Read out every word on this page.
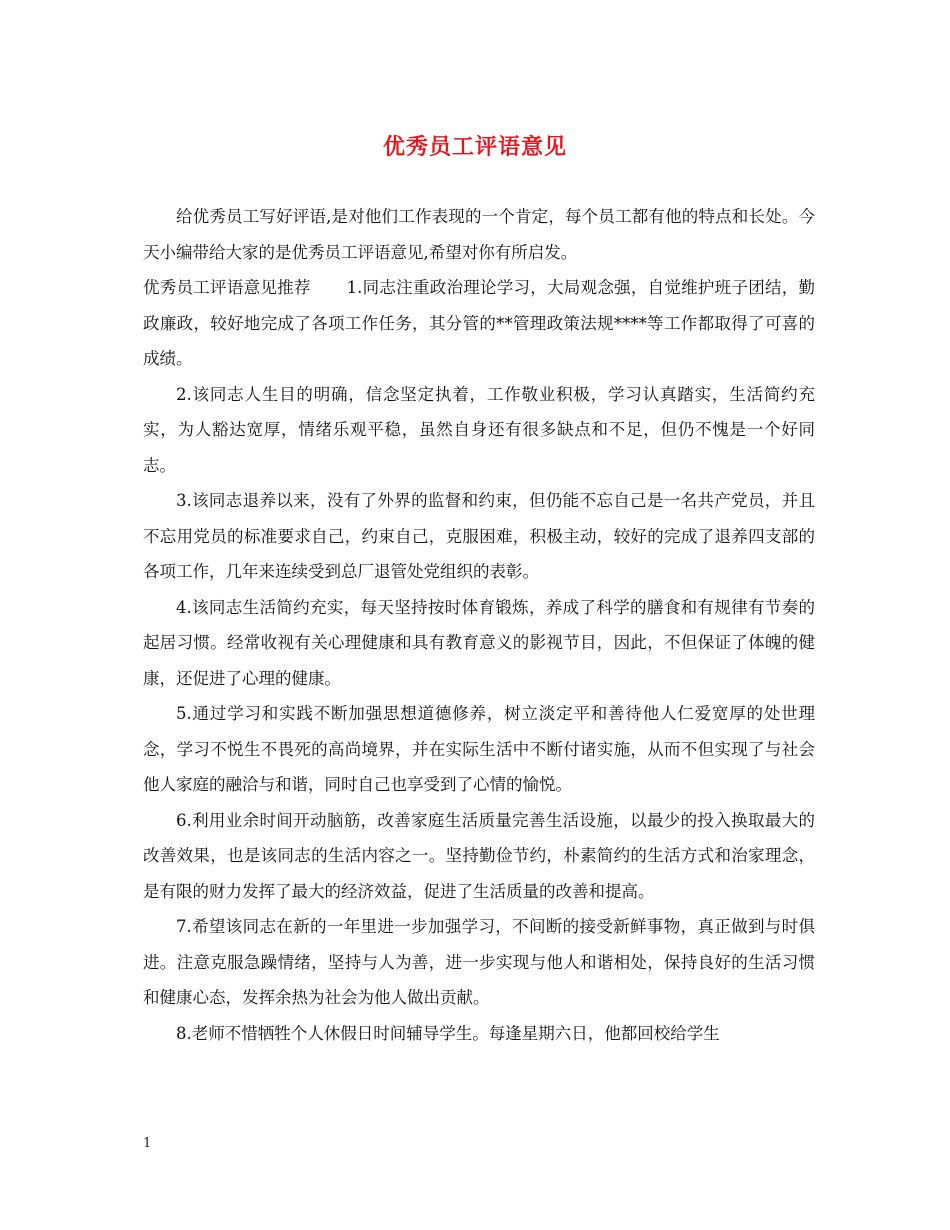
优秀员工评语意见

给优秀员工写好评语,是对他们工作表现的一个肯定，每个员工都有他的特点和长处。今天小编带给大家的是优秀员工评语意见,希望对你有所启发。

优秀员工评语意见推荐 1.同志注重政治理论学习，大局观念强，自觉维护班子团结，勤政廉政，较好地完成了各项工作任务，其分管的**管理政策法规****等工作都取得了可喜的成绩。

2.该同志人生目的明确，信念坚定执着，工作敬业积极，学习认真踏实，生活简约充实，为人豁达宽厚，情绪乐观平稳，虽然自身还有很多缺点和不足，但仍不愧是一个好同志。

3.该同志退养以来，没有了外界的监督和约束，但仍能不忘自己是一名共产党员，并且不忘用党员的标准要求自己，约束自己，克服困难，积极主动，较好的完成了退养四支部的各项工作，几年来连续受到总厂退管处党组织的表彰。

4.该同志生活简约充实，每天坚持按时体育锻炼，养成了科学的膳食和有规律有节奏的起居习惯。经常收视有关心理健康和具有教育意义的影视节目，因此，不但保证了体魄的健康，还促进了心理的健康。

5.通过学习和实践不断加强思想道德修养，树立淡定平和善待他人仁爱宽厚的处世理念，学习不悦生不畏死的高尚境界，并在实际生活中不断付诸实施，从而不但实现了与社会他人家庭的融洽与和谐，同时自己也享受到了心情的愉悦。

6.利用业余时间开动脑筋，改善家庭生活质量完善生活设施，以最少的投入换取最大的改善效果，也是该同志的生活内容之一。坚持勤俭节约，朴素简约的生活方式和治家理念，是有限的财力发挥了最大的经济效益，促进了生活质量的改善和提高。

7.希望该同志在新的一年里进一步加强学习，不间断的接受新鲜事物，真正做到与时俱进。注意克服急躁情绪，坚持与人为善，进一步实现与他人和谐相处，保持良好的生活习惯和健康心态，发挥余热为社会为他人做出贡献。

8.老师不惜牺牲个人休假日时间辅导学生。每逢星期六日，他都回校给学生

1
